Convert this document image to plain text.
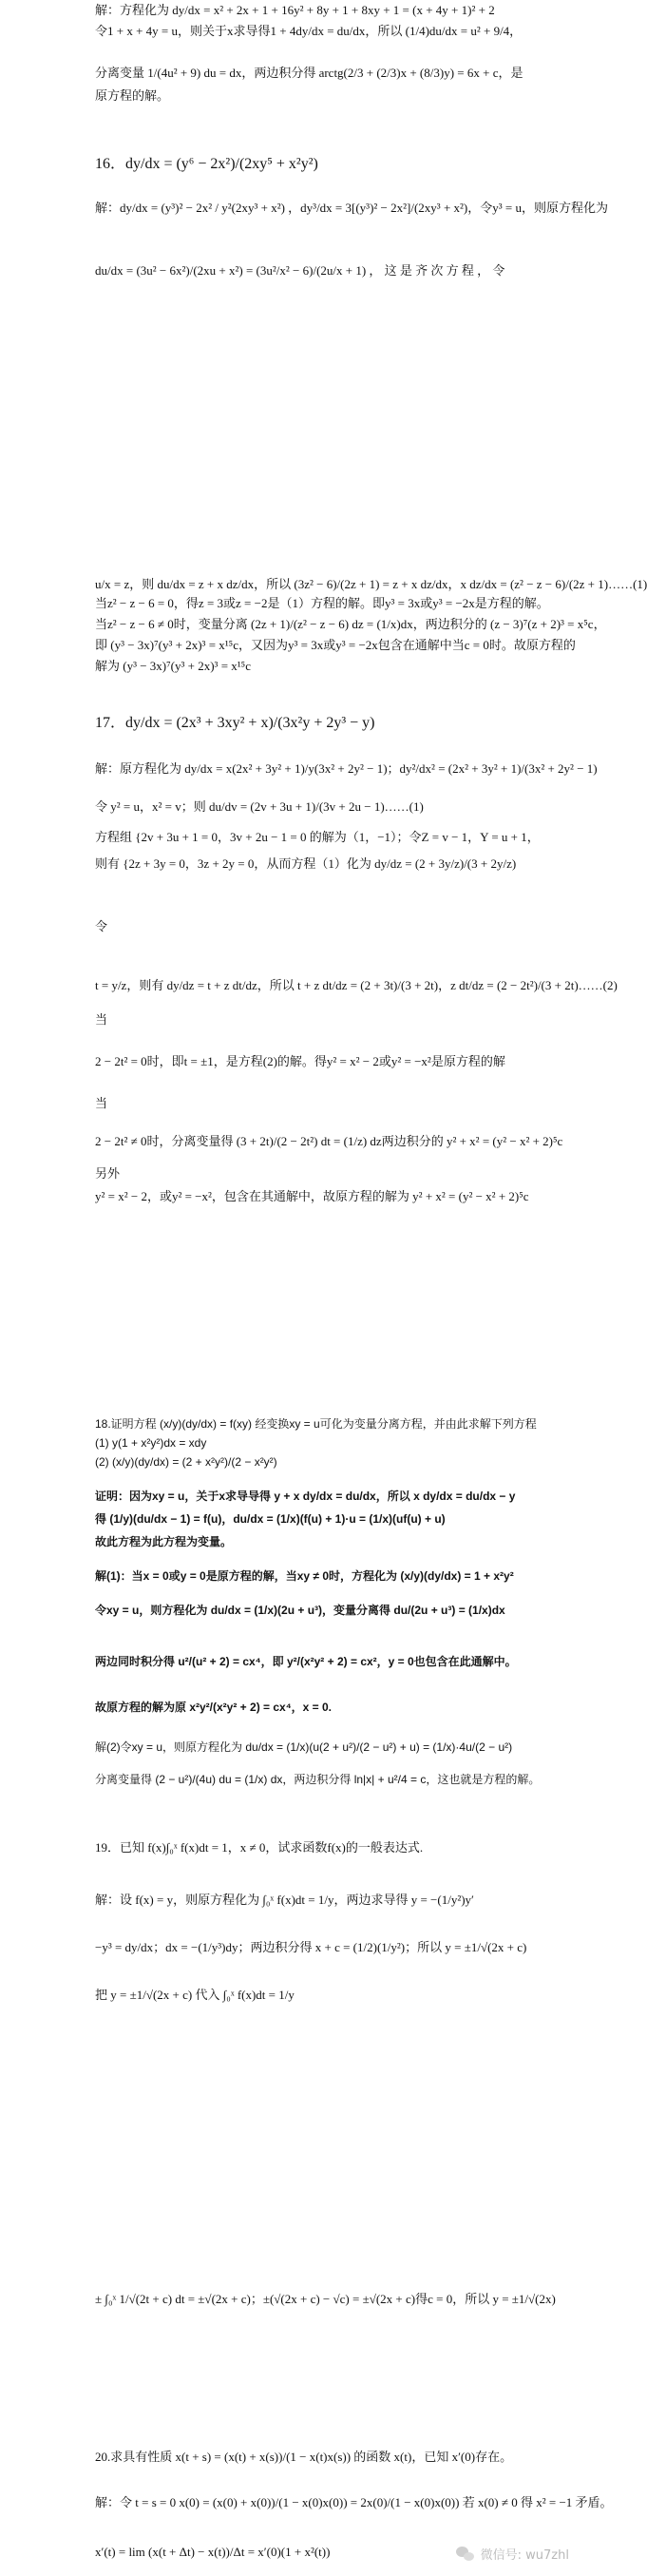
解：方程化为 dy/dx = x² + 2x + 1 + 16y² + 8y + 1 + 8xy + 1 = (x + 4y + 1)² + 2
令1 + x + 4y = u，则关于x求导得1 + 4dy/dx = du/dx，所以 (1/4)du/dx = u² + 9/4，
分离变量 1/(4u² + 9) du = dx，两边积分得 arctg(2/3 + (2/3)x + (8/3)y) = 6x + c，是
原方程的解。
16．dy/dx = (y⁶ − 2x²)/(2xy⁵ + x²y²)
解：dy/dx = (y³)² − 2x² / y²(2xy³ + x²) ，dy³/dx = 3[(y³)² − 2x²]/(2xy³ + x²)，令y³ = u，则原方程化为
du/dx = (3u² − 6x²)/(2xu + x²) = (3u²/x² − 6)/(2u/x + 1) ， 这 是 齐 次 方 程 ， 令
u/x = z，则 du/dx = z + x dz/dx，所以 (3z² − 6)/(2z + 1) = z + x dz/dx，x dz/dx = (z² − z − 6)/(2z + 1)……(1)
当z² − z − 6 = 0，得z = 3或z = −2是（1）方程的解。即y³ = 3x或y³ = −2x是方程的解。
当z² − z − 6 ≠ 0时，变量分离 (2z + 1)/(z² − z − 6) dz = (1/x)dx，两边积分的 (z − 3)⁷(z + 2)³ = x⁵c，
即 (y³ − 3x)⁷(y³ + 2x)³ = x¹⁵c，又因为y³ = 3x或y³ = −2x包含在通解中当c = 0时。故原方程的
解为 (y³ − 3x)⁷(y³ + 2x)³ = x¹⁵c
17．dy/dx = (2x³ + 3xy² + x)/(3x²y + 2y³ − y)
解：原方程化为 dy/dx = x(2x² + 3y² + 1)/y(3x² + 2y² − 1)；dy²/dx² = (2x² + 3y² + 1)/(3x² + 2y² − 1)
令 y² = u，x² = v；则 du/dv = (2v + 3u + 1)/(3v + 2u − 1)……(1)
方程组 {2v + 3u + 1 = 0，3v + 2u − 1 = 0 的解为（1，−1）；令Z = v − 1，Y = u + 1，
则有 {2z + 3y = 0，3z + 2y = 0，从而方程（1）化为 dy/dz = (2 + 3y/z)/(3 + 2y/z)
令
t = y/z，则有 dy/dz = t + z dt/dz，所以 t + z dt/dz = (2 + 3t)/(3 + 2t)，z dt/dz = (2 − 2t²)/(3 + 2t)……(2)
当
2 − 2t² = 0时，即t = ±1，是方程(2)的解。得y² = x² − 2或y² = −x²是原方程的解
当
2 − 2t² ≠ 0时，分离变量得 (3 + 2t)/(2 − 2t²) dt = (1/z) dz两边积分的 y² + x² = (y² − x² + 2)⁵c
另外
y² = x² − 2，或y² = −x²，包含在其通解中，故原方程的解为 y² + x² = (y² − x² + 2)⁵c
18.证明方程 (x/y)(dy/dx) = f(xy) 经变换xy = u可化为变量分离方程，并由此求解下列方程
(1) y(1 + x²y²)dx = xdy
(2) (x/y)(dy/dx) = (2 + x²y²)/(2 − x²y²)
证明：因为xy = u，关于x求导导得 y + x dy/dx = du/dx，所以 x dy/dx = du/dx − y
得 (1/y)(du/dx − 1) = f(u)，du/dx = (1/x)(f(u) + 1)·u = (1/x)(uf(u) + u)
故此方程为此方程为变量。
解(1)：当x = 0或y = 0是原方程的解，当xy ≠ 0时，方程化为 (x/y)(dy/dx) = 1 + x²y²
令xy = u，则方程化为 du/dx = (1/x)(2u + u³)，变量分离得 du/(2u + u³) = (1/x)dx
两边同时积分得 u²/(u² + 2) = cx⁴，即 y²/(x²y² + 2) = cx²，y = 0也包含在此通解中。
故原方程的解为原 x²y²/(x²y² + 2) = cx⁴，x = 0.
解(2)令xy = u，则原方程化为 du/dx = (1/x)(u(2 + u²)/(2 − u²) + u) = (1/x)·4u/(2 − u²)
分离变量得 (2 − u²)/(4u) du = (1/x) dx，两边积分得 ln|x| + u²/4 = c，这也就是方程的解。
19．已知 f(x)∫₀ˣ f(x)dt = 1，x ≠ 0，试求函数f(x)的一般表达式.
解：设 f(x) = y，则原方程化为 ∫₀ˣ f(x)dt = 1/y，两边求导得 y = −(1/y²)y′
−y³ = dy/dx；dx = −(1/y³)dy；两边积分得 x + c = (1/2)(1/y²)；所以 y = ±1/√(2x + c)
把 y = ±1/√(2x + c) 代入 ∫₀ˣ f(x)dt = 1/y
± ∫₀ˣ 1/√(2t + c) dt = ±√(2x + c)；±(√(2x + c) − √c) = ±√(2x + c)得c = 0，所以 y = ±1/√(2x)
20.求具有性质 x(t + s) = (x(t) + x(s))/(1 − x(t)x(s)) 的函数 x(t)，已知 x′(0)存在。
解：令 t = s = 0 x(0) = (x(0) + x(0))/(1 − x(0)x(0)) = 2x(0)/(1 − x(0)x(0)) 若 x(0) ≠ 0 得 x² = −1 矛盾。
x′(t) = lim (x(t + Δt) − x(t))/Δt = x′(0)(1 + x²(t))	微信号: wu7zhl
